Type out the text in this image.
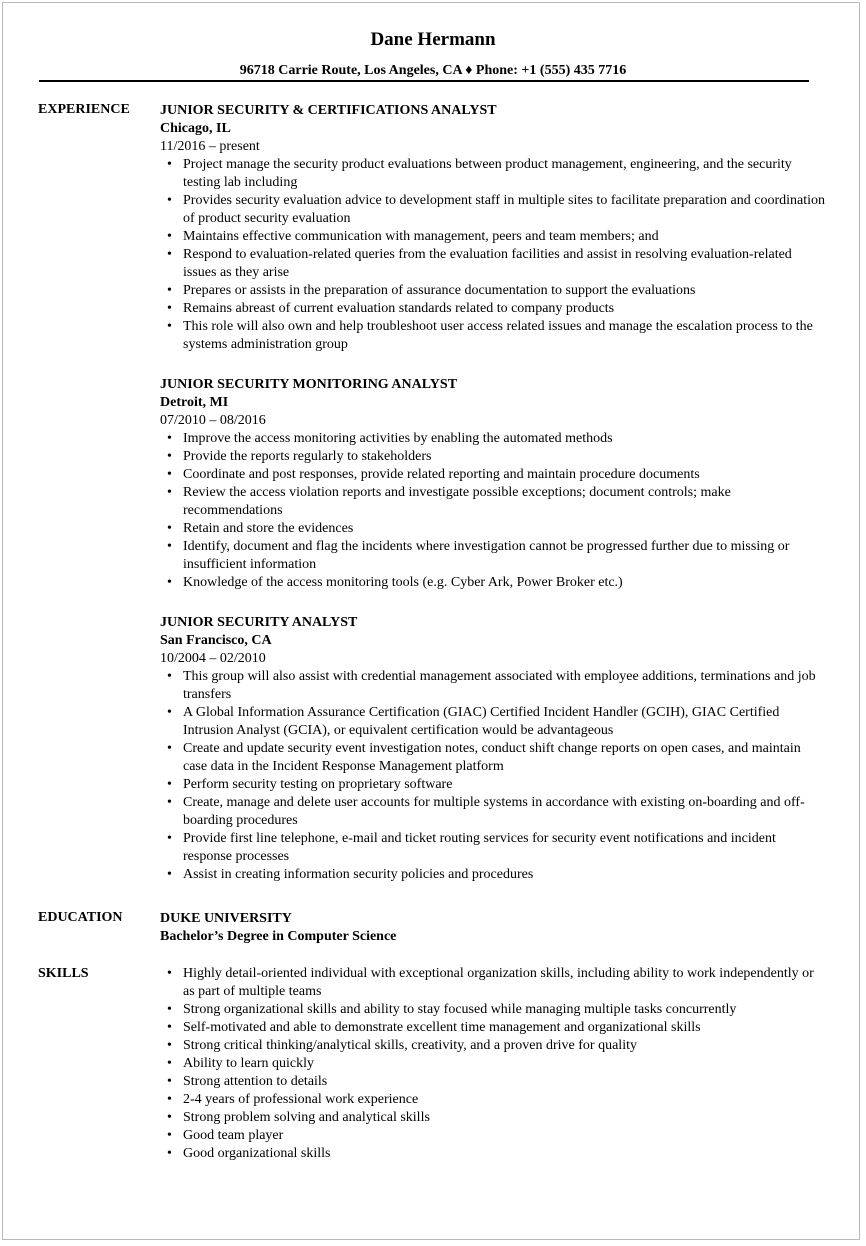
Dane Hermann
96718 Carrie Route, Los Angeles, CA ♦ Phone: +1 (555) 435 7716
EXPERIENCE JUNIOR SECURITY & CERTIFICATIONS ANALYST

Chicago, IL

11/2016 – present

• Project manage the security product evaluations between product management, engineering, and the security testing lab including
• Provides security evaluation advice to development staff in multiple sites to facilitate preparation and coordination of product security evaluation
• Maintains effective communication with management, peers and team members; and
• Respond to evaluation-related queries from the evaluation facilities and assist in resolving evaluation-related issues as they arise
• Prepares or assists in the preparation of assurance documentation to support the evaluations
• Remains abreast of current evaluation standards related to company products
• This role will also own and help troubleshoot user access related issues and manage the escalation process to the systems administration group

JUNIOR SECURITY MONITORING ANALYST

Detroit, MI

07/2010 – 08/2016

• Improve the access monitoring activities by enabling the automated methods
• Provide the reports regularly to stakeholders
• Coordinate and post responses, provide related reporting and maintain procedure documents
• Review the access violation reports and investigate possible exceptions; document controls; make recommendations
• Retain and store the evidences
• Identify, document and flag the incidents where investigation cannot be progressed further due to missing or insufficient information
• Knowledge of the access monitoring tools (e.g. Cyber Ark, Power Broker etc.)

JUNIOR SECURITY ANALYST

San Francisco, CA

10/2004 – 02/2010

• This group will also assist with credential management associated with employee additions, terminations and job transfers
• A Global Information Assurance Certification (GIAC) Certified Incident Handler (GCIH), GIAC Certified Intrusion Analyst (GCIA), or equivalent certification would be advantageous
• Create and update security event investigation notes, conduct shift change reports on open cases, and maintain case data in the Incident Response Management platform
• Perform security testing on proprietary software
• Create, manage and delete user accounts for multiple systems in accordance with existing on-boarding and off-boarding procedures
• Provide first line telephone, e-mail and ticket routing services for security event notifications and incident response processes
• Assist in creating information security policies and procedures
EDUCATION	DUKE UNIVERSITY

Bachelor’s Degree in Computer Science

SKILLS
•	Highly detail-oriented individual with exceptional organization skills, including ability to work independently or as part of multiple teams
• Strong organizational skills and ability to stay focused while managing multiple tasks concurrently
• Self-motivated and able to demonstrate excellent time management and organizational skills
• Strong critical thinking/analytical skills, creativity, and a proven drive for quality
• Ability to learn quickly
• Strong attention to details
• 2-4 years of professional work experience
• Strong problem solving and analytical skills
• Good team player
• Good organizational skills
